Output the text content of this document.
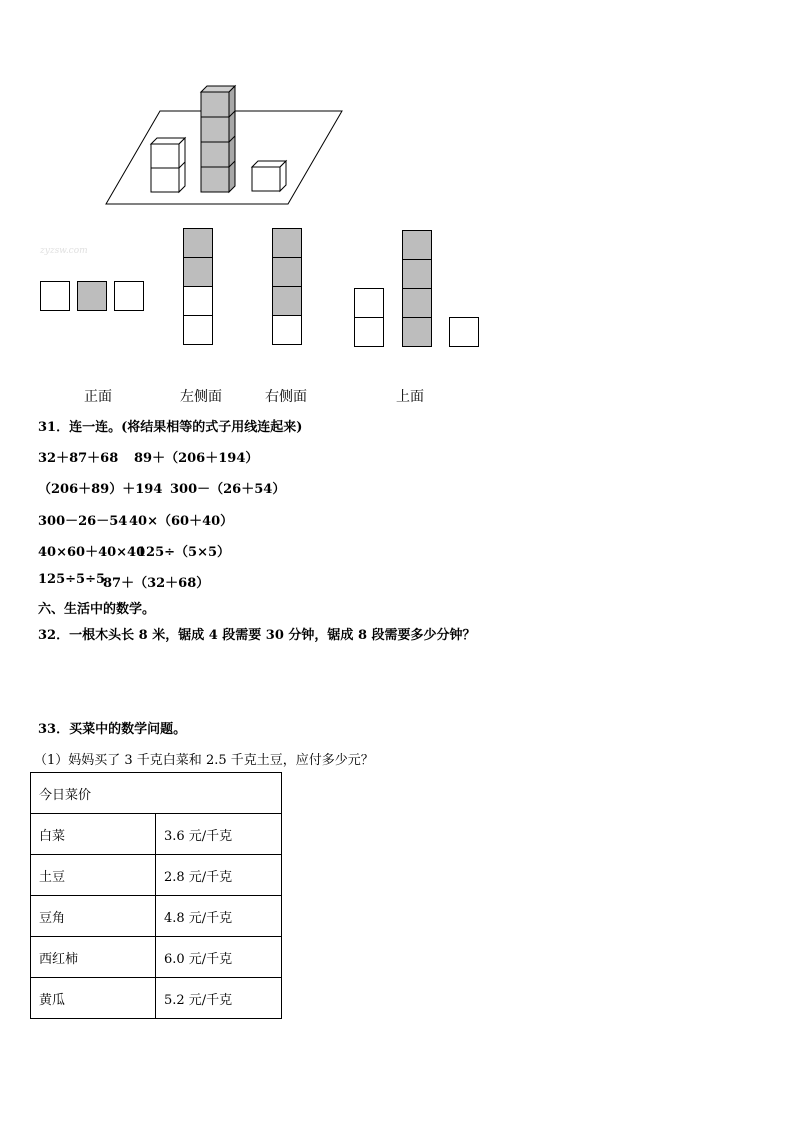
zyzsw.com
正面	左侧面	右侧面	上面
31．连一连。(将结果相等的式子用线连起来)
32＋87＋68 89＋（206＋194）
（206＋89）＋194 300－（26＋54）
300－26－54 40×（60＋40）
40×60＋40×40
125÷（5×5）
125÷5÷5
87＋（32＋68）
六、生活中的数学。
32．一根木头长 8 米，锯成 4 段需要 30 分钟，锯成 8 段需要多少分钟？
33．买菜中的数学问题。
（1）妈妈买了 3 千克白菜和 2.5 千克土豆，应付多少元？
今日菜价	
白菜	3.6 元/千克
土豆	2.8 元/千克
豆角	4.8 元/千克
西红柿	6.0 元/千克
黄瓜	5.2 元/千克
